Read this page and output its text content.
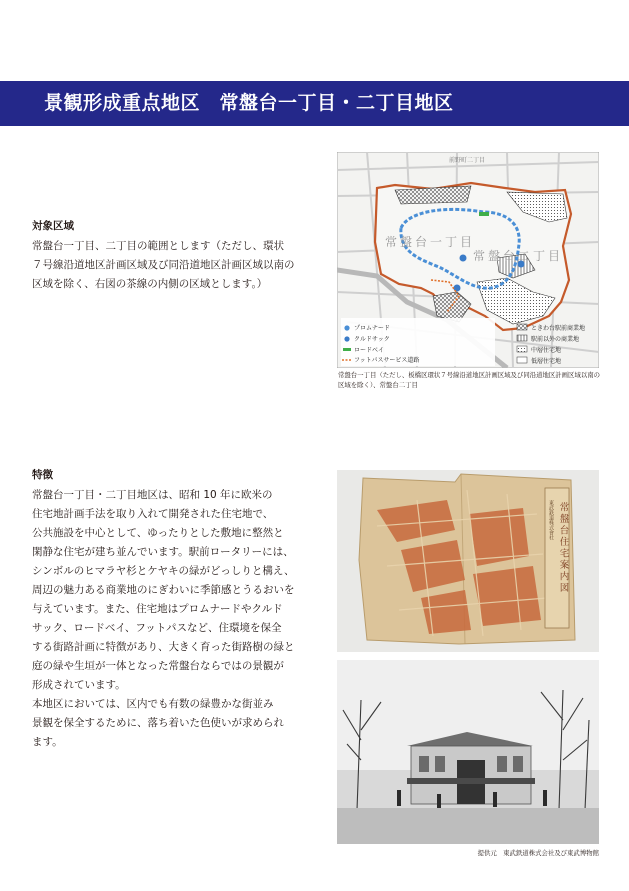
景観形成重点地区　常盤台一丁目・二丁目地区
対象区域

常盤台一丁目、二丁目の範囲とします（ただし、環状

７号線沿道地区計画区域及び同沿道地区計画区域以南の

区域を除く、右図の茶線の内側の区域とします。）

特徴

常盤台一丁目・二丁目地区は、昭和 10 年に欧米の

住宅地計画手法を取り入れて開発された住宅地で、

公共施設を中心として、ゆったりとした敷地に整然と

閑静な住宅が建ち並んでいます。駅前ロータリーには、

シンボルのヒマラヤ杉とケヤキの緑がどっしりと構え、

周辺の魅力ある商業地のにぎわいに季節感とうるおいを

与えています。また、住宅地はプロムナードやクルド

サック、ロードベイ、フットパスなど、住環境を保全

する街路計画に特徴があり、大きく育った街路樹の緑と

庭の緑や生垣が一体となった常盤台ならではの景観が

形成されています。

本地区においては、区内でも有数の緑豊かな街並み

景観を保全するために、落ち着いた色使いが求められ

ます。

前野町二丁目
常盤台一丁目
常盤台二丁目
プロムナード
クルドサック
ロードベイ
フットパスサービス道路
ときわ台駅前商業地
駅前以外の商業地
中層住宅地
低層住宅地
常盤台一丁目（ただし、板橋区環状７号線沿道地区計画区域及び同沿道地区計画区域以南の区域を除く）、常盤台二丁目
常盤台住宅案内図
東武鉄道株式會社
提供元　東武鉄道株式会社及び東武博物館
